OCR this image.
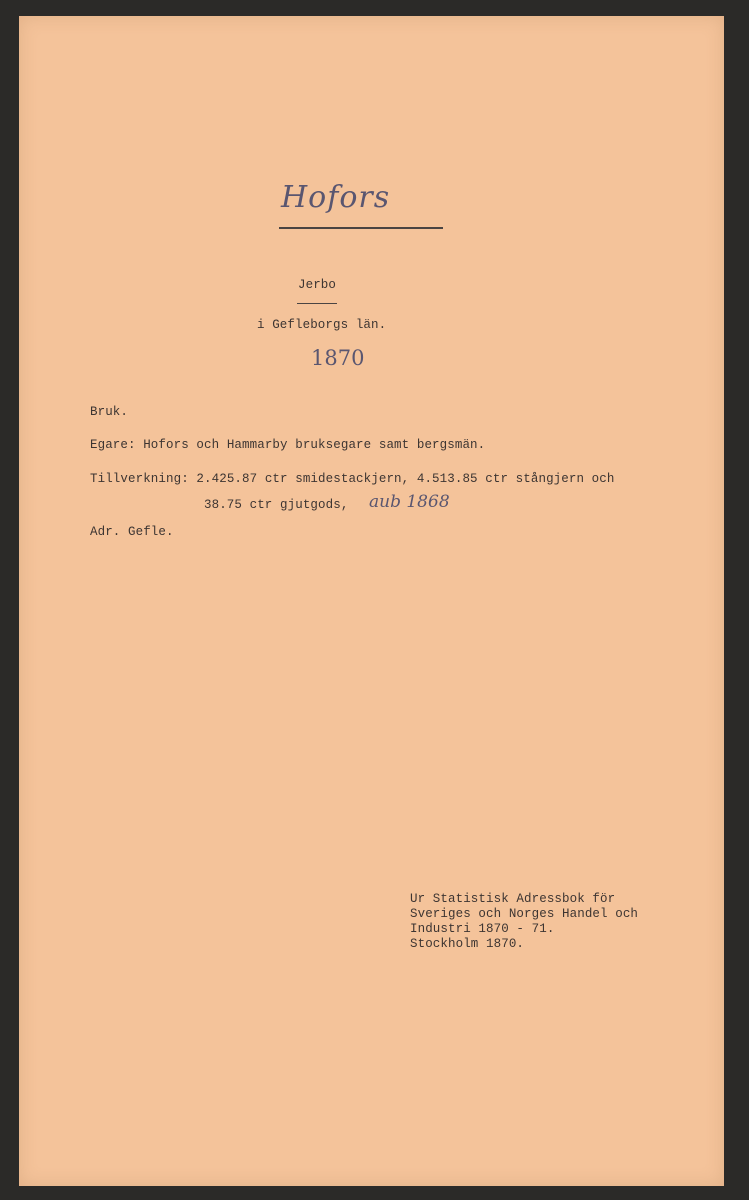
Hofors
Jerbo
i Gefleborgs län.
1870
Bruk.
Egare: Hofors och Hammarby bruksegare samt bergsmän.
Tillverkning: 2.425.87 ctr smidestackjern, 4.513.85 ctr stångjern och
38.75 ctr gjutgods, aub 1868
Adr. Gefle.
Ur Statistisk Adressbok för
Sveriges och Norges Handel och
Industri 1870 - 71.
Stockholm 1870.
